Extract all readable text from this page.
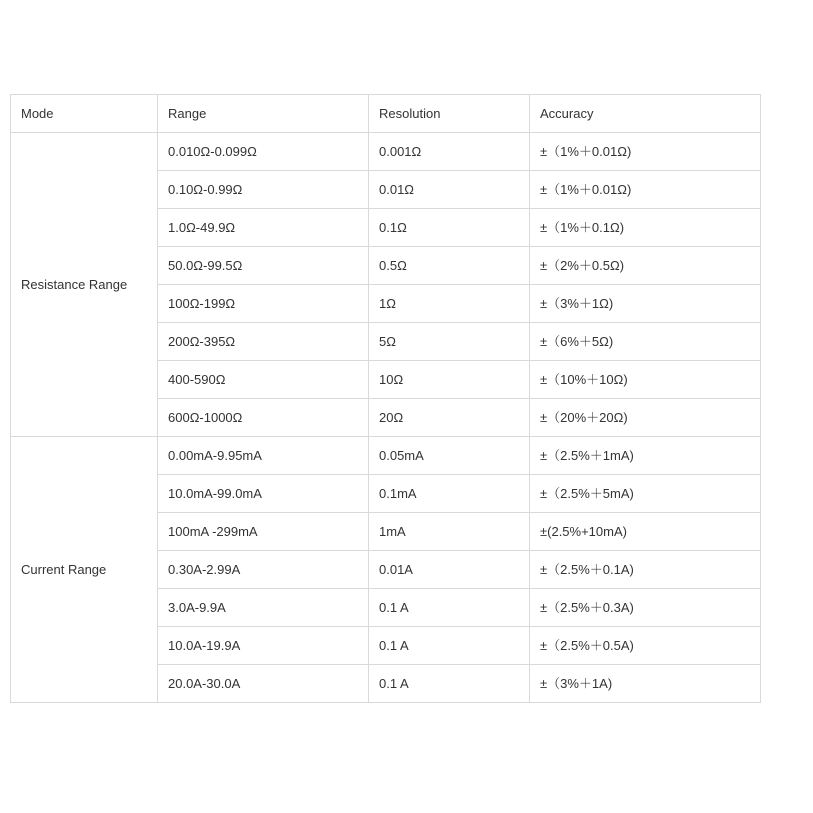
Mode	Range	Resolution	Accuracy
Resistance Range	0.010Ω-0.099Ω	0.001Ω	±（1%＋0.01Ω)
	0.10Ω-0.99Ω	0.01Ω	±（1%＋0.01Ω)
	1.0Ω-49.9Ω	0.1Ω	±（1%＋0.1Ω)
	50.0Ω-99.5Ω	0.5Ω	±（2%＋0.5Ω)
	100Ω-199Ω	1Ω	±（3%＋1Ω)
	200Ω-395Ω	5Ω	±（6%＋5Ω)
	400-590Ω	10Ω	±（10%＋10Ω)
	600Ω-1000Ω	20Ω	±（20%＋20Ω)
Current Range	0.00mA-9.95mA	0.05mA	±（2.5%＋1mA)
	10.0mA-99.0mA	0.1mA	±（2.5%＋5mA)
	100mA -299mA	1mA	±(2.5%+10mA)
	0.30A-2.99A	0.01A	±（2.5%＋0.1A)
	3.0A-9.9A	0.1 A	±（2.5%＋0.3A)
	10.0A-19.9A	0.1 A	±（2.5%＋0.5A)
	20.0A-30.0A	0.1 A	±（3%＋1A)
